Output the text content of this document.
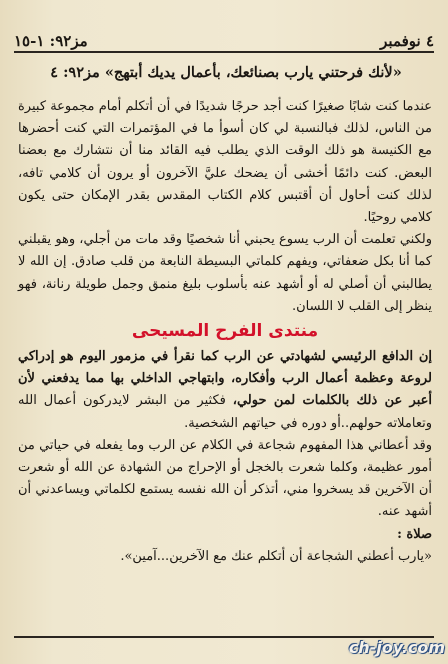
٤ نوفمبر
مز٩٢: ١-١٥
«لأنك فرحتني يارب بصنائعك، بأعمال يديك أبتهج» مز٩٢: ٤

عندما كنت شابًا صغيرًا كنت أجد حرجًا شديدًا في أن أتكلم أمام مجموعة كبيرة من الناس، لذلك فبالنسبة لي كان أسوأ ما في المؤتمرات التي كنت أحضرها مع الكنيسة هو ذلك الوقت الذي يطلب فيه القائد منا أن نتشارك مع بعضنا البعض. كنت دائمًا أخشى أن يضحك عليَّ الآخرون أو يرون أن كلامي تافه، لذلك كنت أحاول أن أقتبس كلام الكتاب المقدس بقدر الإمكان حتى يكون كلامي روحيًا.

ولكني تعلمت أن الرب يسوع يحبني أنا شخصيًا وقد مات من أجلي، وهو يقبلني كما أنا بكل ضعفاتي، ويفهم كلماتي البسيطة النابعة من قلب صادق. إن الله لا يطالبني أن أصلي له أو أشهد عنه بأسلوب بليغ منمق وجمل طويلة رنانة، فهو ينظر إلى القلب لا اللسان.

منتدى الفرح المسيحى

إن الدافع الرئيسي لشهادتي عن الرب كما نقرأ في مزمور اليوم هو إدراكي لروعة وعظمة أعمال الرب وأفكاره، وابتهاجي الداخلي بها مما يدفعني لأن أعبر عن ذلك بالكلمات لمن حولي، فكثير من البشر لايدركون أعمال الله وتعاملاته حولهم..أو دوره في حياتهم الشخصية.

وقد أعطاني هذا المفهوم شجاعة في الكلام عن الرب وما يفعله في حياتي من أمور عظيمة، وكلما شعرت بالخجل أو الإحراج من الشهادة عن الله أو شعرت أن الآخرين قد يسخروا مني، أتذكر أن الله نفسه يستمع لكلماتي ويساعدني أن أشهد عنه.

صلاة :

«يارب أعطني الشجاعة أن أتكلم عنك مع الآخرين...آمين».

ch-joy.com
